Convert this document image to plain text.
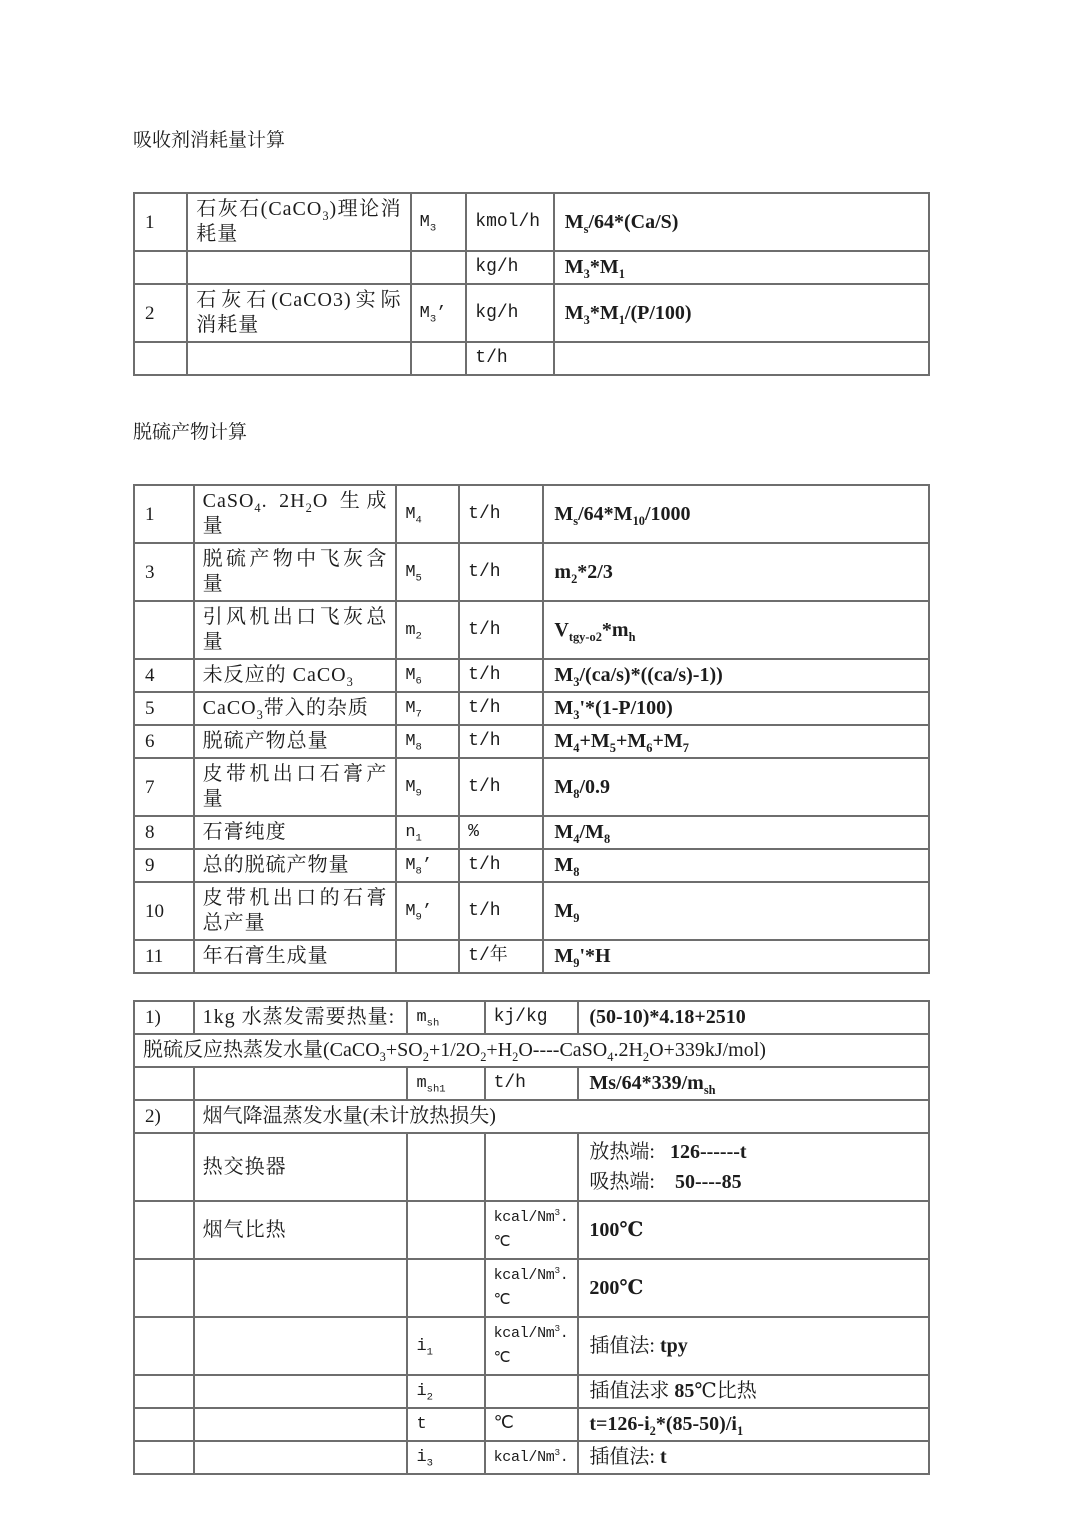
吸收剂消耗量计算
1	石灰石(CaCO$_3$)理论消耗量	$M_3$	kmol/h	$M_s/64*(Ca/S)$
			kg/h	$M_3*M_1$
2	石灰石(CaCO3)实际消耗量	$M_3$’	kg/h	$M_3*M_1/(P/100)$
			t/h	
脱硫产物计算
1	CaSO$_4$. $2H_2O$ 生成量	$M_4$	t/h	$M_s/64*M_{10}/1000$
3	脱硫产物中飞灰含量	$M_5$	t/h	$m_2*2/3$
	引风机出口飞灰总量	$m_2$	t/h	$V_{tgy-o2}*m_h$
4	未反应的 CaCO$_3$	$M_6$	t/h	$M_3/(ca/s)*((ca/s)-1)$)
5	CaCO$_3$带入的杂质	$M_7$	t/h	$M_3'*(1-P/100)$
6	脱硫产物总量	$M_8$	t/h	$M_4+M_5+M_6+M_7$
7	皮带机出口石膏产量	$M_9$	t/h	$M_8/0.9$
8	石膏纯度	$n_1$	%	$M_4/M_8$
9	总的脱硫产物量	$M_8$’	t/h	$M_8$
10	皮带机出口的石膏总产量	$M_9$’	t/h	$M_9$
11	年石膏生成量		t/年	$M_9'*H$
1)	1kg 水蒸发需要热量:	$m_{sh}$	kj/kg	(50-10)*4.18+2510
脱硫反应热蒸发水量$(CaCO_3+SO_2+1/2O_2+H_2O----CaSO_4.2H_2O+339kJ/mol)$				
		$m_{sh1}$	t/h	$Ms/64*339/m_{sh}$
2)	烟气降温蒸发水量(未计放热损失)			
	热交换器			放热端:   126------t
吸热端:    50----85
	烟气比热		kcal/Nm$^3$.
℃	100℃
			kcal/Nm$^3$.
℃	200℃
		$i_1$	kcal/Nm$^3$.
℃	插值法: tpy
		$i_2$		插值法求 85℃比热
		t	℃	$t=126-i_2*(85-50)/i_1$
		$i_3$	kcal/Nm$^3$.	插值法: t
